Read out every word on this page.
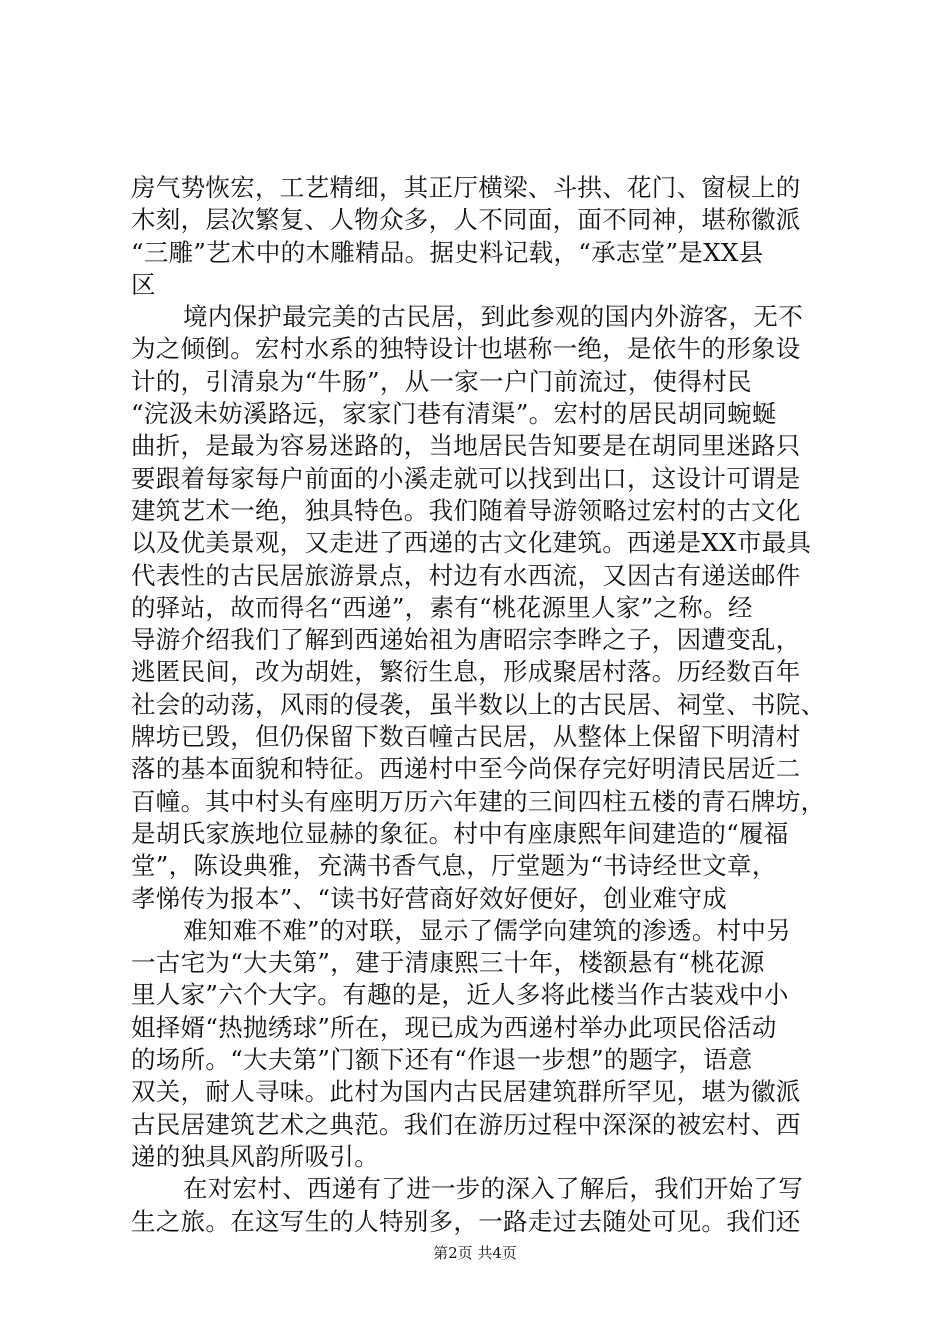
房气势恢宏，工艺精细，其正厅横梁、斗拱、花门、窗棂上的
木刻，层次繁复、人物众多，人不同面，面不同神，堪称徽派
“三雕”艺术中的木雕精品。据史料记载，“承志堂”是XX县
区
境内保护最完美的古民居，到此参观的国内外游客，无不
为之倾倒。宏村水系的独特设计也堪称一绝，是依牛的形象设
计的，引清泉为“牛肠”，从一家一户门前流过，使得村民
“浣汲未妨溪路远，家家门巷有清渠”。宏村的居民胡同蜿蜒
曲折，是最为容易迷路的，当地居民告知要是在胡同里迷路只
要跟着每家每户前面的小溪走就可以找到出口，这设计可谓是
建筑艺术一绝，独具特色。我们随着导游领略过宏村的古文化
以及优美景观，又走进了西递的古文化建筑。西递是XX市最具
代表性的古民居旅游景点，村边有水西流，又因古有递送邮件
的驿站，故而得名“西递”，素有“桃花源里人家”之称。经
导游介绍我们了解到西递始祖为唐昭宗李晔之子，因遭变乱，
逃匿民间，改为胡姓，繁衍生息，形成聚居村落。历经数百年
社会的动荡，风雨的侵袭，虽半数以上的古民居、祠堂、书院、
牌坊已毁，但仍保留下数百幢古民居，从整体上保留下明清村
落的基本面貌和特征。西递村中至今尚保存完好明清民居近二
百幢。其中村头有座明万历六年建的三间四柱五楼的青石牌坊，
是胡氏家族地位显赫的象征。村中有座康熙年间建造的“履福
堂”，陈设典雅，充满书香气息，厅堂题为“书诗经世文章，
孝悌传为报本”、“读书好营商好效好便好，创业难守成
难知难不难”的对联，显示了儒学向建筑的渗透。村中另
一古宅为“大夫第”，建于清康熙三十年，楼额悬有“桃花源
里人家”六个大字。有趣的是，近人多将此楼当作古装戏中小
姐择婿“热抛绣球”所在，现已成为西递村举办此项民俗活动
的场所。“大夫第”门额下还有“作退一步想”的题字，语意
双关，耐人寻味。此村为国内古民居建筑群所罕见，堪为徽派
古民居建筑艺术之典范。我们在游历过程中深深的被宏村、西
递的独具风韵所吸引。
在对宏村、西递有了进一步的深入了解后，我们开始了写
生之旅。在这写生的人特别多，一路走过去随处可见。我们还
第2页 共4页
